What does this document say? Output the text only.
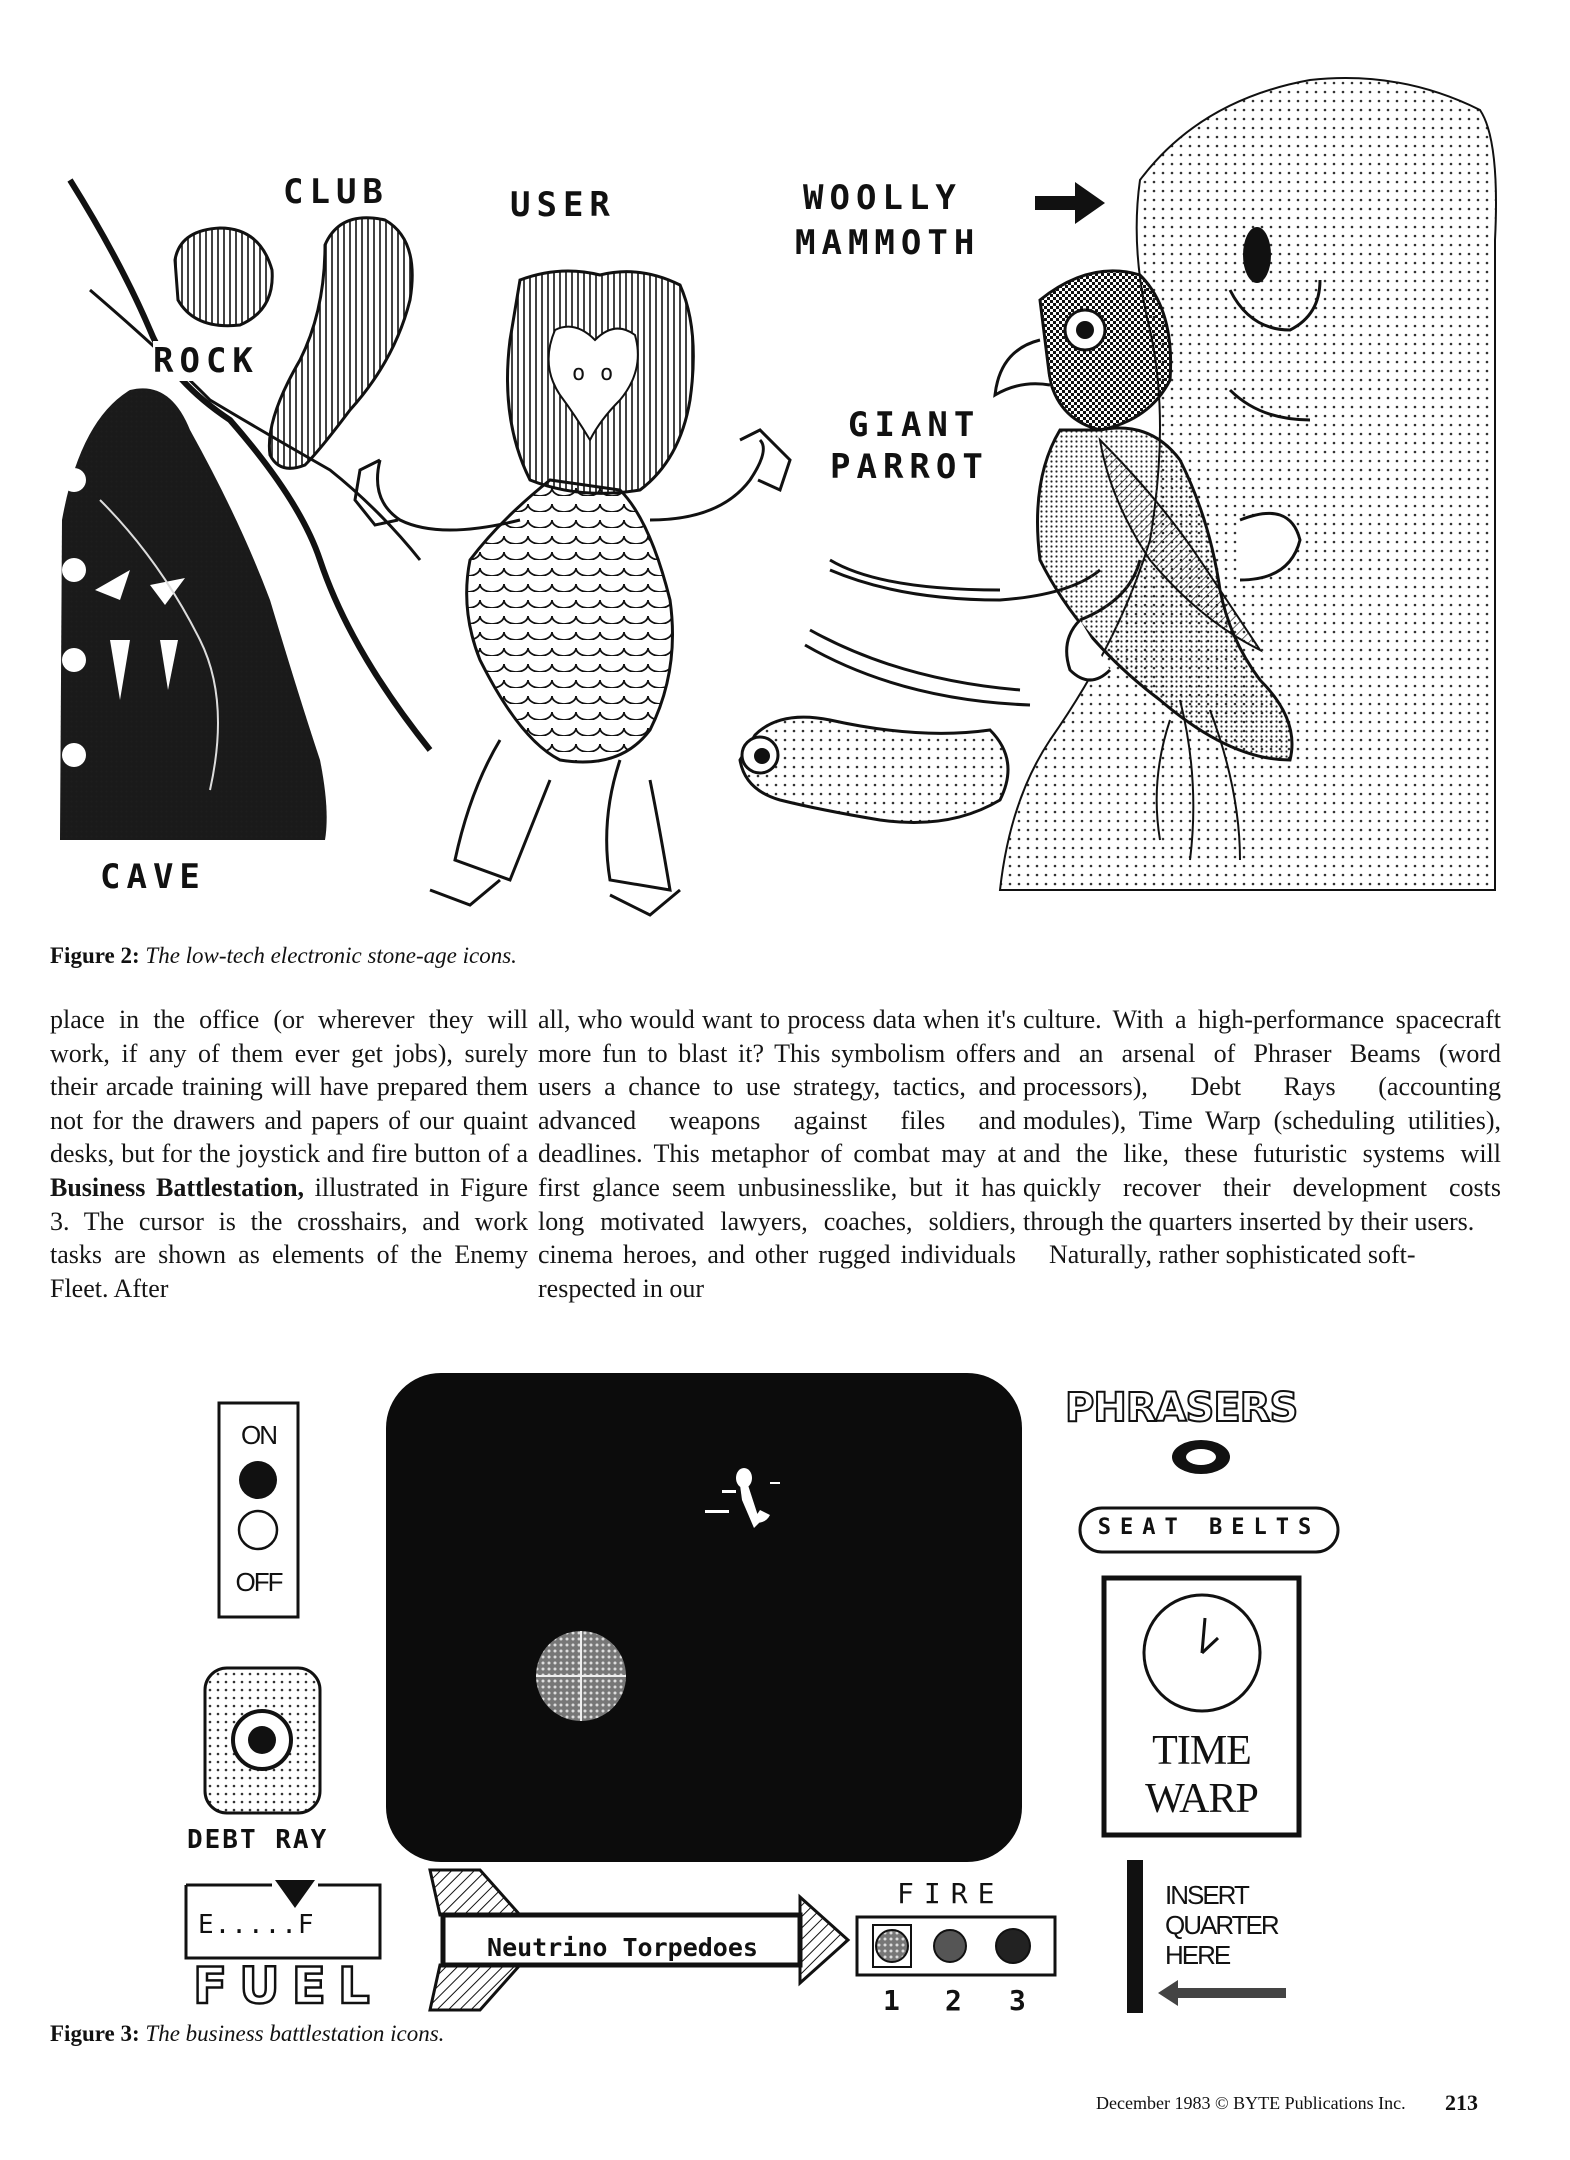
o o
CLUB	USER	WOOLLY
MAMMOTH
ROCK
GIANT
PARROT
CAVE
Figure 2: The low-tech electronic stone-age icons.

place in the office (or wherever they will work, if any of them ever get jobs), surely their arcade training will have prepared them not for the drawers and papers of our quaint desks, but for the joystick and fire button of a Business Battlestation, illustrated in Figure 3. The cursor is the crosshairs, and work tasks are shown as elements of the Enemy Fleet. After

all, who would want to process data when it's more fun to blast it? This symbolism offers users a chance to use strategy, tactics, and advanced weapons against files and deadlines. This metaphor of combat may at first glance seem unbusinesslike, but it has long motivated lawyers, coaches, soldiers, cinema heroes, and other rugged individuals respected in our

culture. With a high-performance spacecraft and an arsenal of Phraser Beams (word processors), Debt Rays (accounting modules), Time Warp (scheduling utilities), and the like, these futuristic systems will quickly recover their development costs through the quarters inserted by their users.

Naturally, rather sophisticated soft-

ON
OFF
DEBT RAY
E.....F
FUEL
Neutrino Torpedoes
FIRE
1 2 3
PHRASERS
SEAT BELTS
TIME
WARP
INSERT
QUARTER
HERE
Figure 3: The business battlestation icons.
December 1983 © BYTE Publications Inc. 213
